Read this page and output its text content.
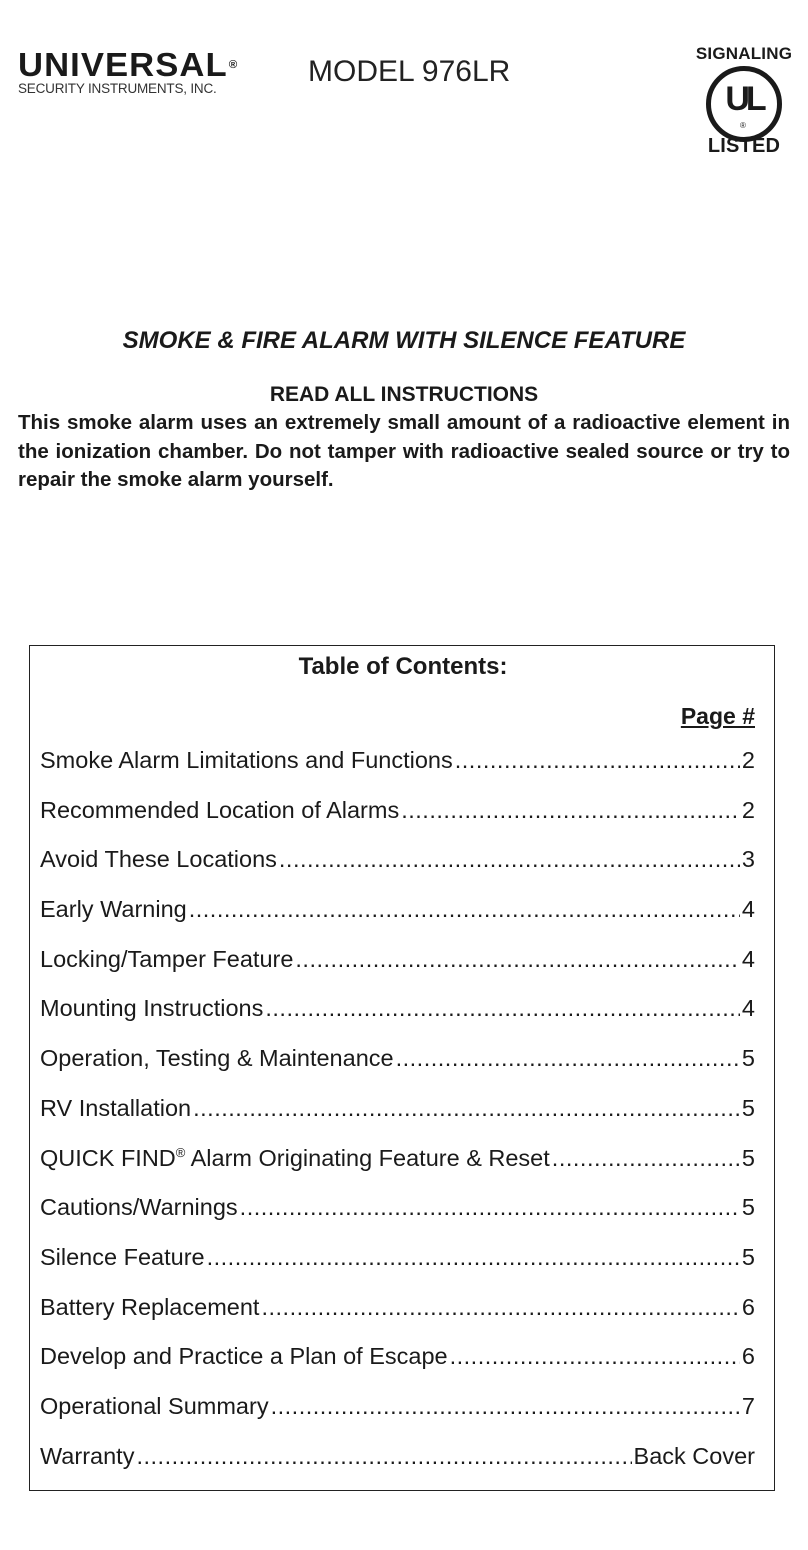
UNIVERSAL®
SECURITY INSTRUMENTS, INC.
MODEL 976LR
SIGNALING
UL
®
LISTED
SMOKE & FIRE ALARM WITH SILENCE FEATURE
READ ALL INSTRUCTIONS
This smoke alarm uses an extremely small amount of a radioactive element in the ionization chamber. Do not tamper with radioactive sealed source or try to repair the smoke alarm yourself.
Table of Contents:
Page #
Smoke Alarm Limitations and Functions .....	2
Recommended Location of Alarms .....	2
Avoid These Locations .....	3
Early Warning .....	4
Locking/Tamper Feature .....	4
Mounting Instructions .....	4
Operation, Testing & Maintenance .....	5
RV Installation .....	5
QUICK FIND® Alarm Originating Feature & Reset .....	5
Cautions/Warnings .....	5
Silence Feature .....	5
Battery Replacement .....	6
Develop and Practice a Plan of Escape .....	6
Operational Summary .....	7
Warranty .....	Back Cover
